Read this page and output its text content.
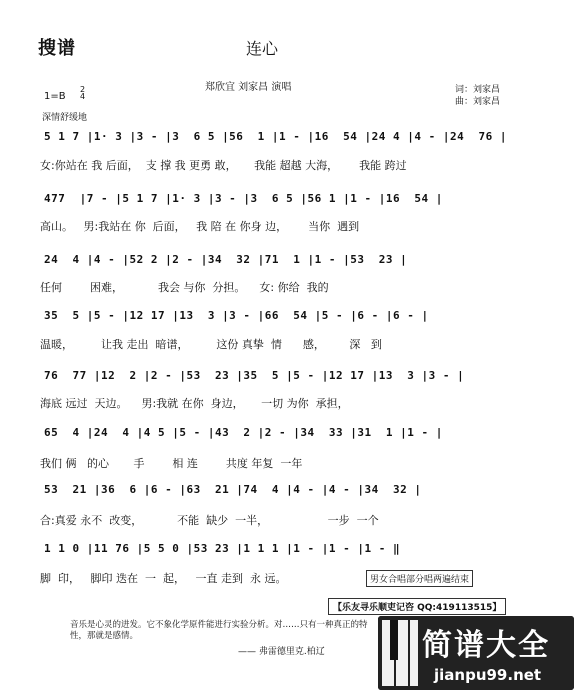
搜谱	连心
郑欣宜 刘家昌 演唱	词：刘家昌
曲：刘家昌
1=B
2
4
深情舒缓地
5 1 7 |1· 3 |3 - |3  6 5 |56  1 |1 - |16  54 |24 4 |4 - |24  76 |
女:你站在 我 后面，  支 撑 我 更勇 敢，     我能 超越 大海，      我能 跨过
477  |7 - |5 1 7 |1· 3 |3 - |3  6 5 |56 1 |1 - |16  54 |
高山。   男:我站在 你  后面，   我 陪 在 你身 边，      当你  遇到
24  4 |4 - |52 2 |2 - |34  32 |71  1 |1 - |53  23 |
任何        困难，          我会 与你  分担。    女: 你给  我的
35  5 |5 - |12 17 |13  3 |3 - |66  54 |5 - |6 - |6 - |
温暖，        让我 走出  暗谱，        这份 真挚  情      感，       深   到
76  77 |12  2 |2 - |53  23 |35  5 |5 - |12 17 |13  3 |3 - |
海底 远过  天边。    男:我就 在你  身边，     一切 为你  承担，
65  4 |24  4 |4 5 |5 - |43  2 |2 - |34  33 |31  1 |1 - |
我们 俩   的心       手        相 连        共度 年复  一年
53  21 |36  6 |6 - |63  21 |74  4 |4 - |4 - |34  32 |
合:真爱 永不  改变，          不能  缺少  一半，                 一步  一个
1 1 0 |11 76 |5 5 0 |53 23 |1 1 1 |1 - |1 - |1 - ‖
脚  印，   脚印 迭在  一  起，   一直 走到  永 远。	男女合唱部分唱两遍结束
【乐友寻乐顺吏记咨 QQ:419113515】
音乐是心灵的进发。它不象化学原件能进行实验分析。对……只有一种真正的特性，那就是感情。
—— 弗雷德里克.柏辽	简谱大全
jianpu99.net
